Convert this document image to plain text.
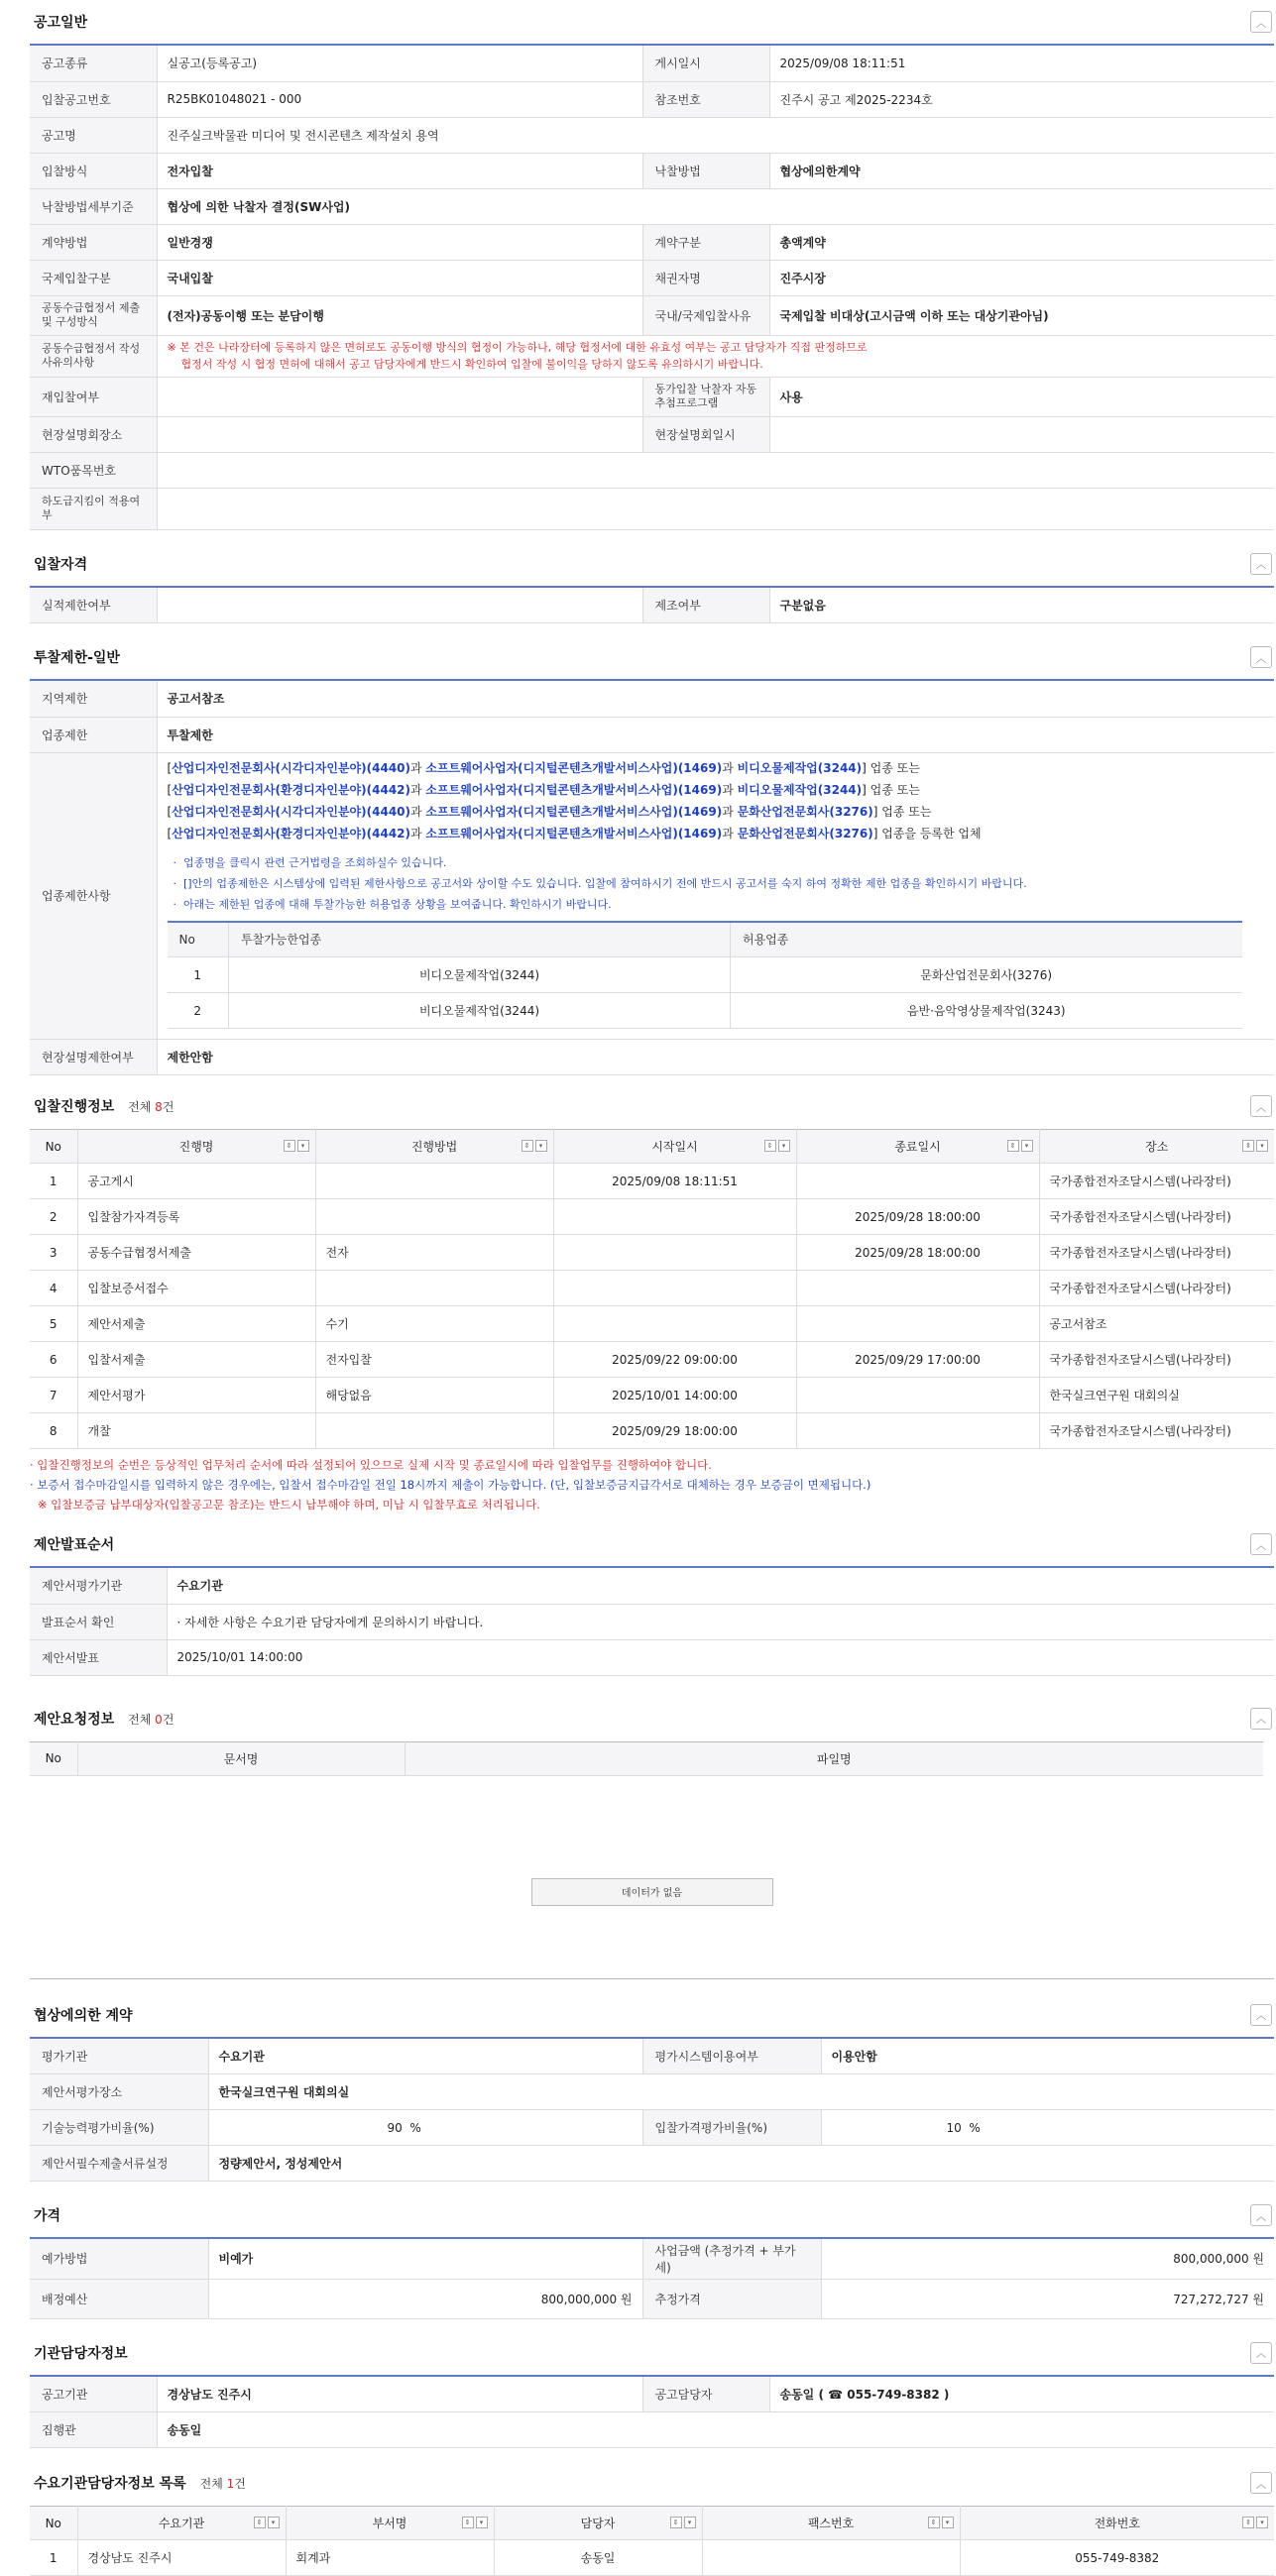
공고일반	︿
공고종류	실공고(등록공고)	게시일시	2025/09/08 18:11:51
입찰공고번호	R25BK01048021 - 000	참조번호	진주시 공고 제2025-2234호
공고명	진주실크박물관 미디어 및 전시콘텐츠 제작설치 용역		
입찰방식	전자입찰	낙찰방법	협상에의한계약
낙찰방법세부기준	협상에 의한 낙찰자 결정(SW사업)		
계약방법	일반경쟁	계약구분	총액계약
국제입찰구분	국내입찰	채권자명	진주시장
공동수급협정서 제출 및 구성방식	(전자)공동이행 또는 분담이행	국내/국제입찰사유	국제입찰 비대상(고시금액 이하 또는 대상기관아님)
공동수급협정서 작성사유의사항	※ 본 건은 나라장터에 등록하지 않은 면허로도 공동이행 방식의 협정이 가능하나, 해당 협정서에 대한 유효성 여부는 공고 담당자가 직접 판정하므로
협정서 작성 시 협정 면허에 대해서 공고 담당자에게 반드시 확인하여 입찰에 불이익을 당하지 않도록 유의하시기 바랍니다.		

재입찰여부		동가입찰 낙찰자 자동추첨프로그램	사용
현장설명회장소		현장설명회일시	
WTO품목번호			
하도급지킴이 적용여부			
입찰자격	︿
실적제한여부		제조여부	구분없음
투찰제한-일반	︿
지역제한	공고서참조
업종제한	투찰제한
업종제한사항	
[산업디자인전문회사(시각디자인분야)(4440)과 소프트웨어사업자(디지털콘텐츠개발서비스사업)(1469)과 비디오물제작업(3244)] 업종 또는
[산업디자인전문회사(환경디자인분야)(4442)과 소프트웨어사업자(디지털콘텐츠개발서비스사업)(1469)과 비디오물제작업(3244)] 업종 또는
[산업디자인전문회사(시각디자인분야)(4440)과 소프트웨어사업자(디지털콘텐츠개발서비스사업)(1469)과 문화산업전문회사(3276)] 업종 또는
[산업디자인전문회사(환경디자인분야)(4442)과 소프트웨어사업자(디지털콘텐츠개발서비스사업)(1469)과 문화산업전문회사(3276)] 업종을 등록한 업체
·  업종명을 클릭시 관련 근거법령을 조회하실수 있습니다.
·  []안의 업종제한은 시스템상에 입력된 제한사항으로 공고서와 상이할 수도 있습니다. 입찰에 참여하시기 전에 반드시 공고서를 숙지 하여 정확한 제한 업종을 확인하시기 바랍니다.
·  아래는 제한된 업종에 대해 투찰가능한 허용업종 상황을 보여줍니다. 확인하시기 바랍니다.
No	투찰가능한업종	허용업종
1	비디오물제작업(3244)	문화산업전문회사(3276)
2	비디오물제작업(3244)	음반·음악영상물제작업(3243)

현장설명제한여부	제한안함
입찰진행정보 전체 8건	︿
No	진행명 ⇕ ▾	진행방법 ⇕ ▾	시작일시 ⇕ ▾	종료일시 ⇕ ▾	장소 ⇕ ▾

1	공고게시		2025/09/08 18:11:51		국가종합전자조달시스템(나라장터)
2	입찰참가자격등록			2025/09/28 18:00:00	국가종합전자조달시스템(나라장터)
3	공동수급협정서제출	전자		2025/09/28 18:00:00	국가종합전자조달시스템(나라장터)
4	입찰보증서접수				국가종합전자조달시스템(나라장터)
5	제안서제출	수기			공고서참조
6	입찰서제출	전자입찰	2025/09/22 09:00:00	2025/09/29 17:00:00	국가종합전자조달시스템(나라장터)
7	제안서평가	해당없음	2025/10/01 14:00:00		한국실크연구원 대회의실
8	개찰		2025/09/29 18:00:00		국가종합전자조달시스템(나라장터)
· 입찰진행정보의 순번은 등상적인 업무처리 순서에 따라 설정되어 있으므로 실제 시작 및 종료일시에 따라 입찰업무를 진행하여야 합니다.
· 보증서 접수마감일시를 입력하지 않은 경우에는, 입찰서 접수마감일 전일 18시까지 제출이 가능합니다. (단, 입찰보증금지급각서로 대체하는 경우 보증금이 면제됩니다.)
※ 입찰보증금 납부대상자(입찰공고문 참조)는 반드시 납부해야 하며, 미납 시 입찰무효로 처리됩니다.
제안발표순서	︿
제안서평가기관	수요기관
발표순서 확인	· 자세한 사항은 수요기관 담당자에게 문의하시기 바랍니다.
제안서발표	2025/10/01 14:00:00
제안요청정보 전체 0건	︿
No	문서명	파일명
데이터가 없음
협상에의한 계약	︿
평가기관	수요기관	평가시스템이용여부	이용안함
제안서평가장소	한국실크연구원 대회의실		
기술능력평가비율(%)	90 %	입찰가격평가비율(%)	10 %
제안서필수제출서류설정	정량제안서, 정성제안서		
가격	︿
예가방법	비예가	사업금액 (추정가격 + 부가세)	800,000,000 원
배정예산	800,000,000 원	추정가격	727,272,727 원
기관담당자정보	︿
공고기관	경상남도 진주시	공고담당자	송동일 ( ☎ 055-749-8382 )
집행관	송동일		
수요기관담당자정보 목록 전체 1건	︿
No	수요기관 ⇕ ▾	부서명 ⇕ ▾	담당자 ⇕ ▾	팩스번호 ⇕ ▾	전화번호 ⇕ ▾

1	경상남도 진주시	회계과	송동일		055-749-8382
